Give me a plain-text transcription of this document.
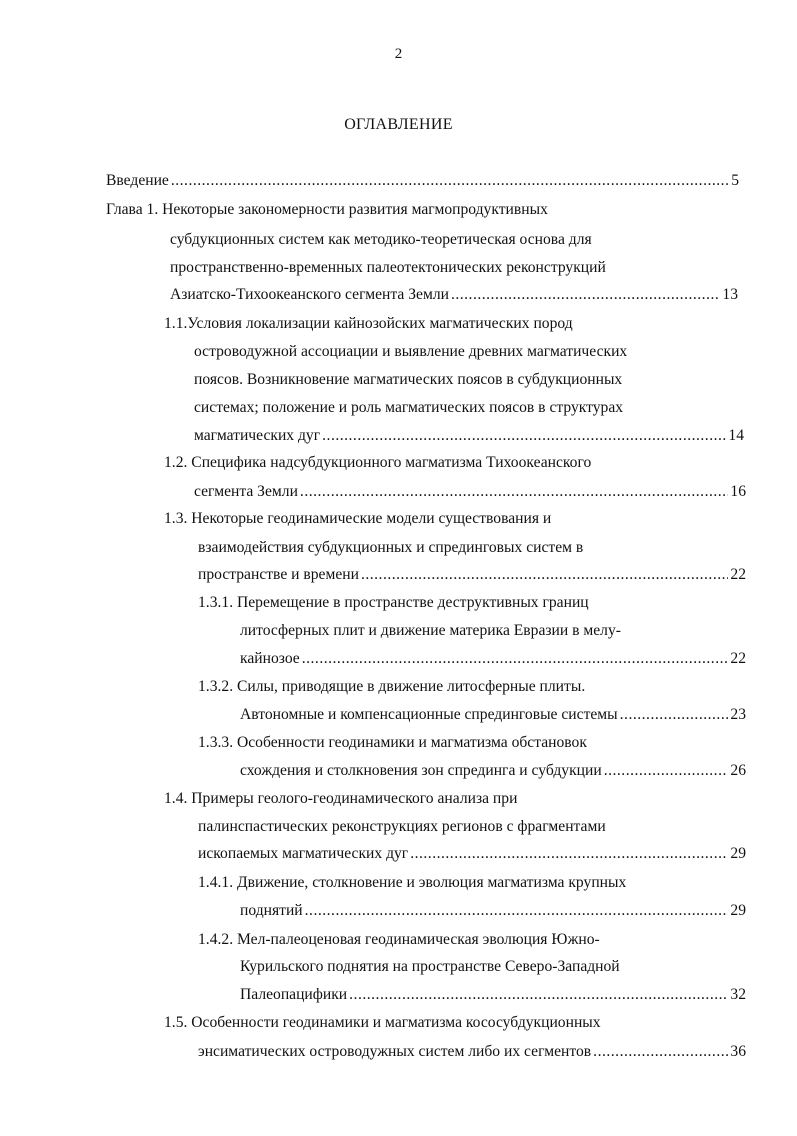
2
ОГЛАВЛЕНИЕ
Введение .....	5
Глава 1. Некоторые закономерности развития магмопродуктивных
субдукционных систем как методико-теоретическая основа для
пространственно-временных палеотектонических реконструкций
Азиатско-Тихоокеанского сегмента Земли .....	13
1.1.Условия локализации кайнозойских магматических пород
островодужной ассоциации и выявление древних магматических
поясов. Возникновение магматических поясов в субдукционных
системах; положение и роль магматических поясов в структурах
магматических дуг .....	14
1.2. Специфика надсубдукционного магматизма Тихоокеанского
сегмента Земли .....	16
1.3. Некоторые геодинамические модели существования и
взаимодействия субдукционных и спрединговых систем в
пространстве и времени .....	22
1.3.1. Перемещение в пространстве деструктивных границ
литосферных плит и движение материка Евразии в мелу-
кайнозое .....	22
1.3.2. Силы, приводящие в движение литосферные плиты.
Автономные и компенсационные спрединговые системы .....	23
1.3.3. Особенности геодинамики и магматизма обстановок
схождения и столкновения зон спрединга и субдукции .....	26
1.4. Примеры геолого-геодинамического анализа при
палинспастических реконструкциях регионов с фрагментами
ископаемых магматических дуг .....	29
1.4.1. Движение, столкновение и эволюция магматизма крупных
поднятий .....	29
1.4.2. Мел-палеоценовая геодинамическая эволюция Южно-
Курильского поднятия на пространстве Северо-Западной
Палеопацифики .....	32
1.5. Особенности геодинамики и магматизма кососубдукционных
энсиматических островодужных систем либо их сегментов .....	36
